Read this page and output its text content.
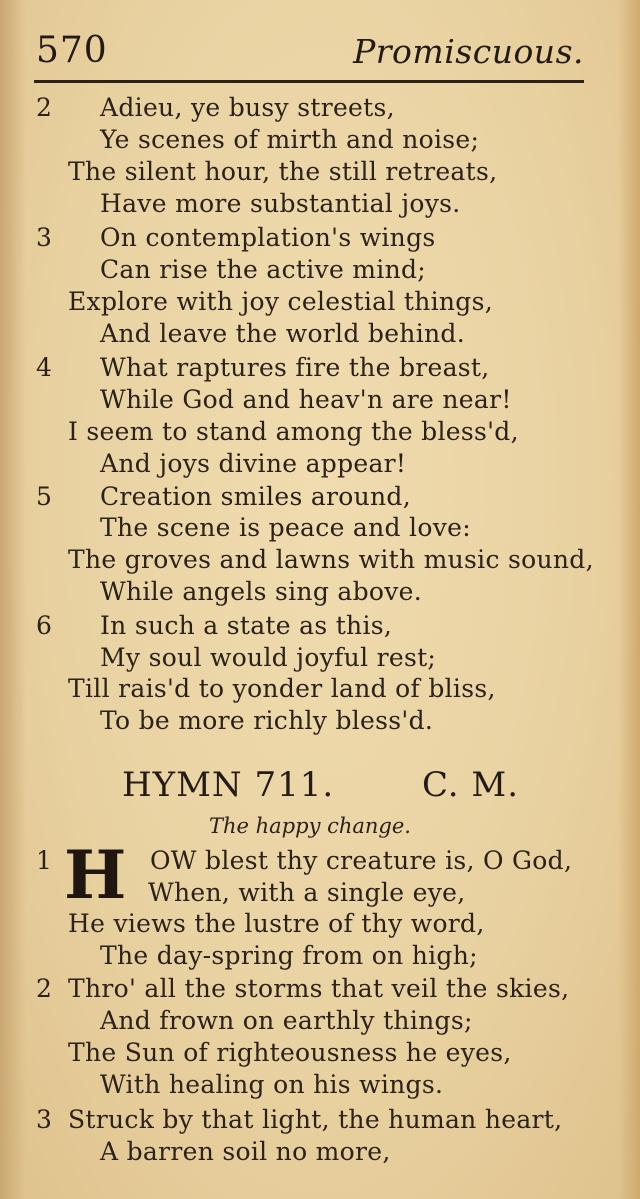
570	Promiscuous.
2 Adieu, ye busy streets,
Ye scenes of mirth and noise;
The silent hour, the still retreats,
Have more substantial joys.
3 On contemplation's wings
Can rise the active mind;
Explore with joy celestial things,
And leave the world behind.
4 What raptures fire the breast,
While God and heav'n are near!
I seem to stand among the bless'd,
And joys divine appear!
5 Creation smiles around,
The scene is peace and love:
The groves and lawns with music sound,
While angels sing above.
6 In such a state as this,
My soul would joyful rest;
Till rais'd to yonder land of bliss,
To be more richly bless'd.
HYMN 711.	C. M.
The happy change.
1 H OW blest thy creature is, O God,
When, with a single eye,
He views the lustre of thy word,
The day-spring from on high;
2 Thro' all the storms that veil the skies,
And frown on earthly things;
The Sun of righteousness he eyes,
With healing on his wings.
3 Struck by that light, the human heart,
A barren soil no more,
